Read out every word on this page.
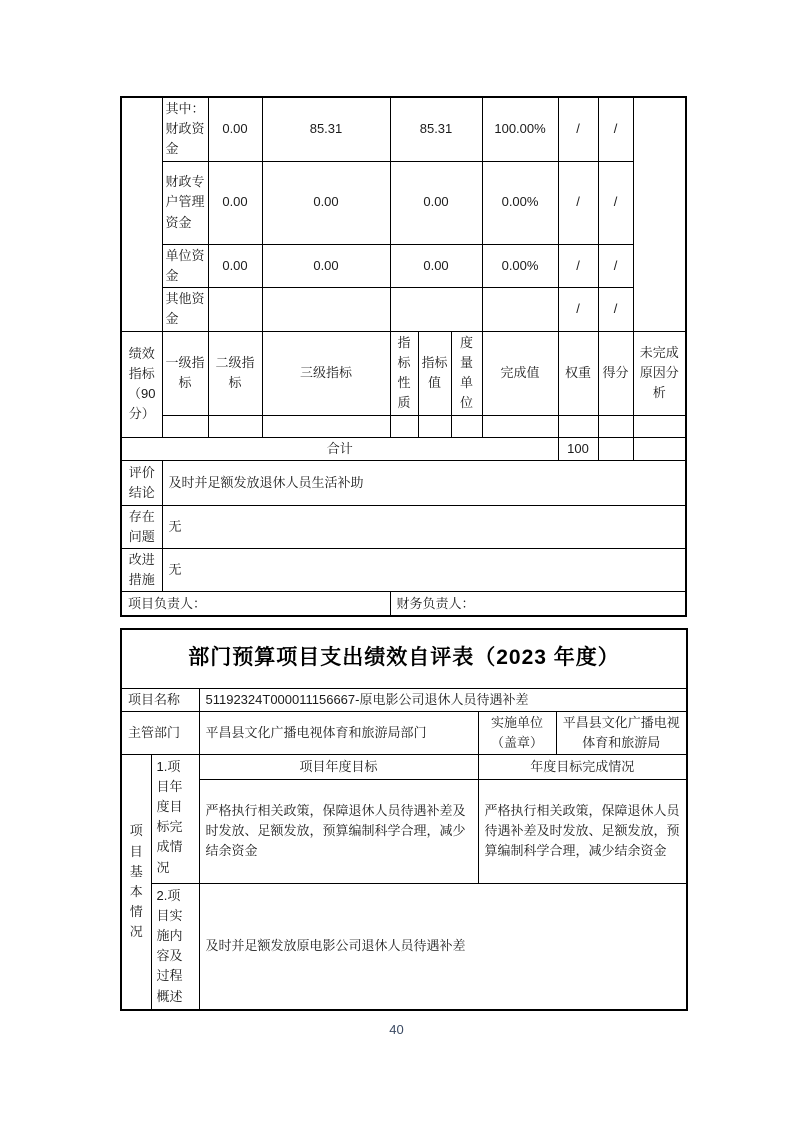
	其中：财政资金	0.00	85.31	85.31			100.00%	/	/	
	财政专户管理资金	0.00	0.00	0.00			0.00%	/	/	
	单位资金	0.00	0.00	0.00			0.00%	/	/	
	其他资金							/	/	
绩效指标（90分）	一级指标	二级指标	三级指标	指标性质	指标值	度量单位	完成值	权重	得分	未完成原因分析

合计								100		
评价结论	及时并足额发放退休人员生活补助									
存在问题	无									
改进措施	无									
项目负责人：				财务负责人：						
部门预算项目支出绩效自评表（2023 年度）				
项目名称		51192324T000011156667-原电影公司退休人员待遇补差		
主管部门		平昌县文化广播电视体育和旅游局部门	实施单位（盖章）	平昌县文化广播电视体育和旅游局
项目基本情况	1.项目年度目标完成情况	项目年度目标	年度目标完成情况	
		严格执行相关政策，保障退休人员待遇补差及时发放、足额发放，预算编制科学合理，减少结余资金	严格执行相关政策，保障退休人员待遇补差及时发放、足额发放，预算编制科学合理，减少结余资金	
	2.项目实施内容及过程概述	及时并足额发放原电影公司退休人员待遇补差		
40
